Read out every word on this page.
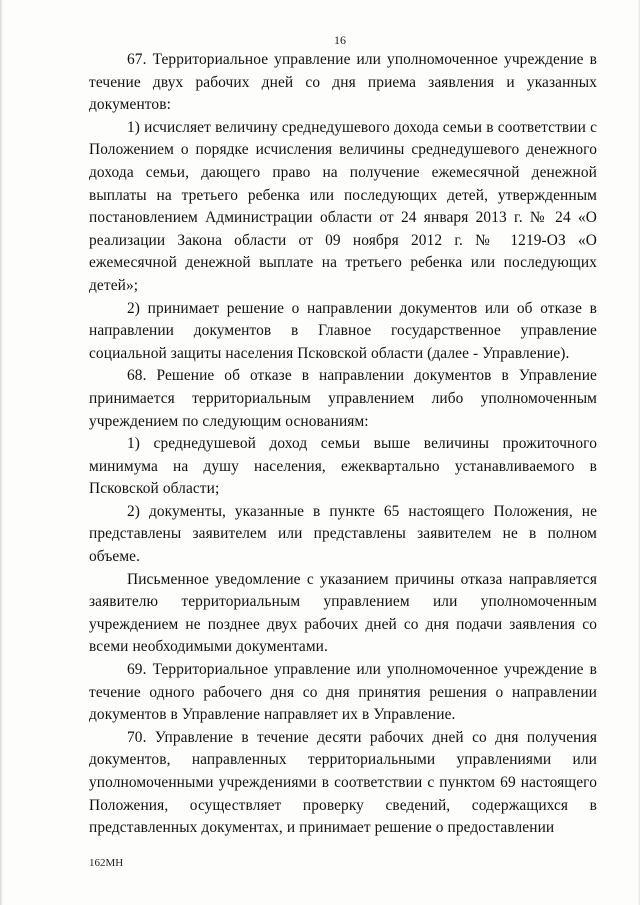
16

67. Территориальное управление или уполномоченное учреждение в течение двух рабочих дней со дня приема заявления и указанных документов:

1) исчисляет величину среднедушевого дохода семьи в соответствии с Положением о порядке исчисления величины среднедушевого денежного дохода семьи, дающего право на получение ежемесячной денежной выплаты на третьего ребенка или последующих детей, утвержденным постановлением Администрации области от 24 января 2013 г. № 24 «О реализации Закона области от 09 ноября 2012 г. № 1219-ОЗ «О ежемесячной денежной выплате на третьего ребенка или последующих детей»;

2) принимает решение о направлении документов или об отказе в направлении документов в Главное государственное управление социальной защиты населения Псковской области (далее - Управление).

68. Решение об отказе в направлении документов в Управление принимается территориальным управлением либо уполномоченным учреждением по следующим основаниям:

1) среднедушевой доход семьи выше величины прожиточного минимума на душу населения, ежеквартально устанавливаемого в Псковской области;

2) документы, указанные в пункте 65 настоящего Положения, не представлены заявителем или представлены заявителем не в полном объеме.

Письменное уведомление с указанием причины отказа направляется заявителю территориальным управлением или уполномоченным учреждением не позднее двух рабочих дней со дня подачи заявления со всеми необходимыми документами.

69. Территориальное управление или уполномоченное учреждение в течение одного рабочего дня со дня принятия решения о направлении документов в Управление направляет их в Управление.

70. Управление в течение десяти рабочих дней со дня получения документов, направленных территориальными управлениями или уполномоченными учреждениями в соответствии с пунктом 69 настоящего Положения, осуществляет проверку сведений, содержащихся в представленных документах, и принимает решение о предоставлении

162МН
